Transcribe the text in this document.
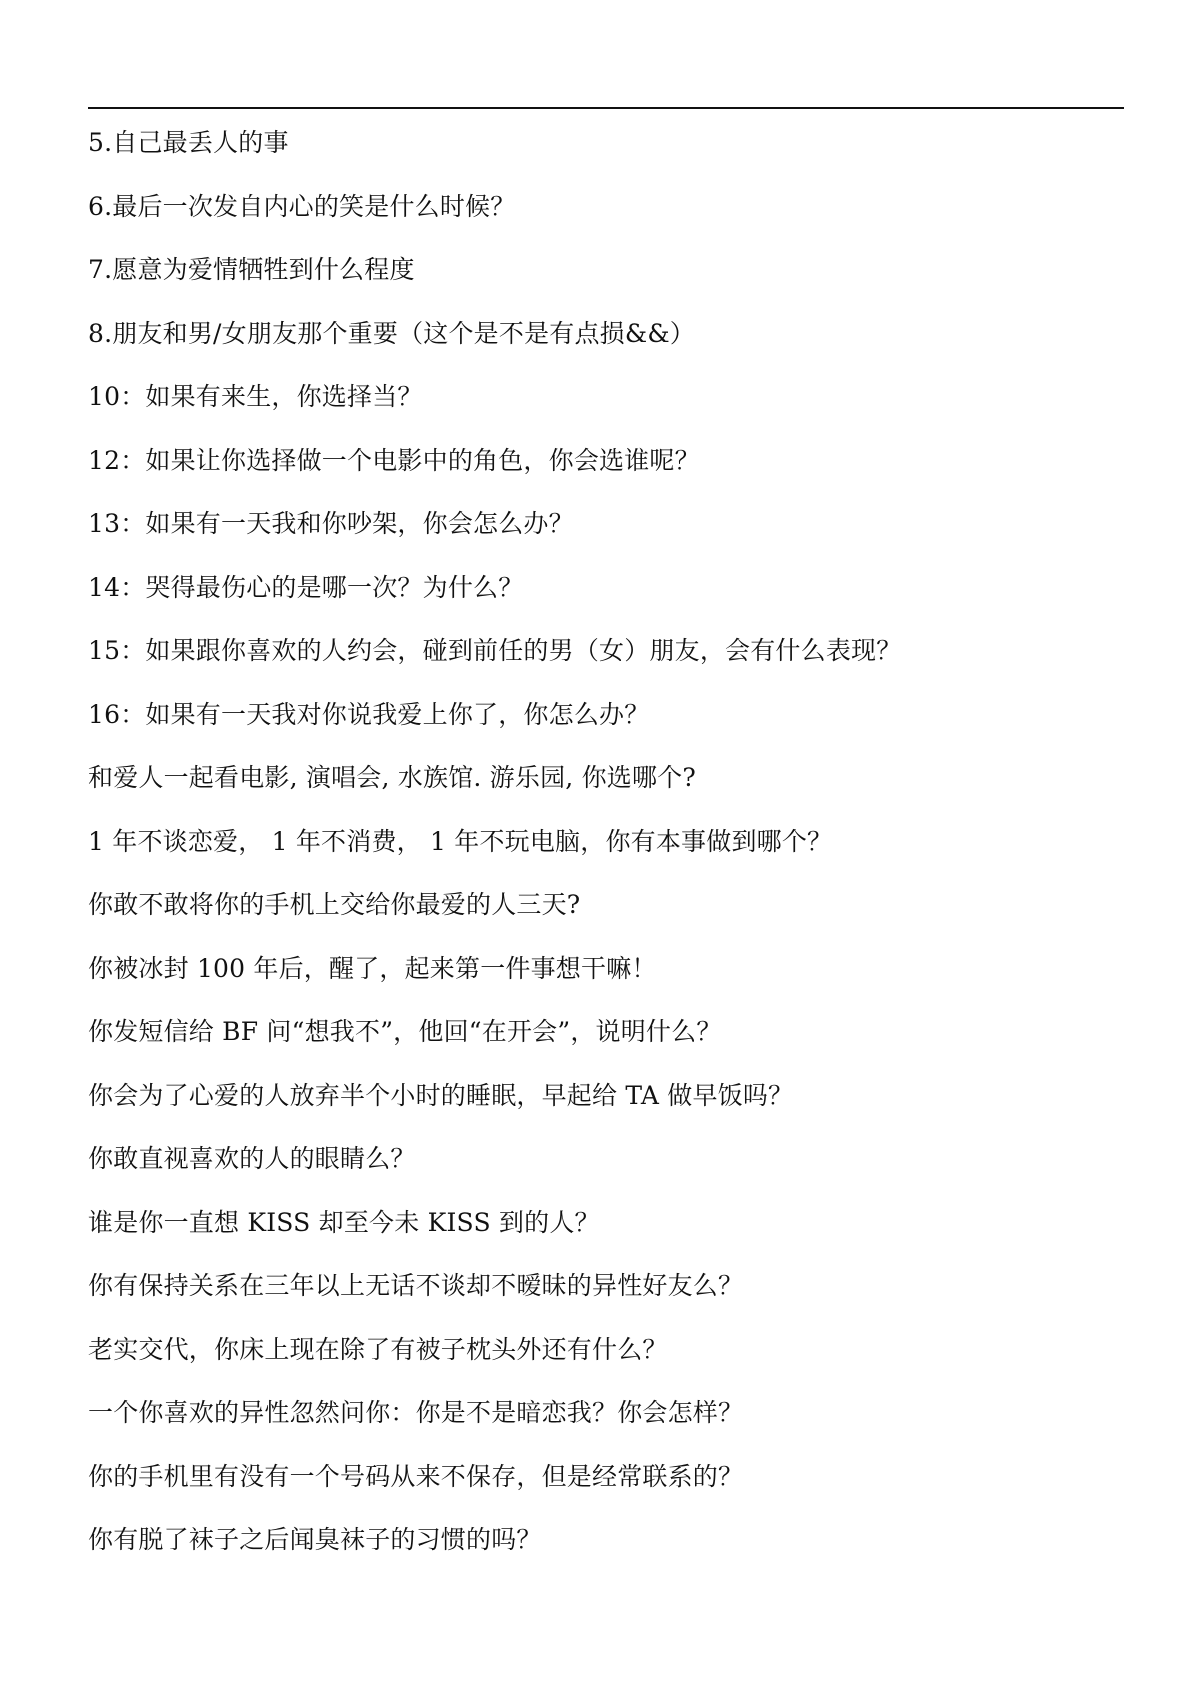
5.自己最丢人的事
6.最后一次发自内心的笑是什么时候？
7.愿意为爱情牺牲到什么程度
8.朋友和男/女朋友那个重要（这个是不是有点损&&）
10：如果有来生，你选择当？
12：如果让你选择做一个电影中的角色，你会选谁呢？
13：如果有一天我和你吵架，你会怎么办？
14：哭得最伤心的是哪一次？为什么？
15：如果跟你喜欢的人约会，碰到前任的男（女）朋友，会有什么表现？
16：如果有一天我对你说我爱上你了，你怎么办？
和爱人一起看电影, 演唱会, 水族馆. 游乐园, 你选哪个?
1 年不谈恋爱， 1 年不消费， 1 年不玩电脑，你有本事做到哪个？
你敢不敢将你的手机上交给你最爱的人三天?
你被冰封 100 年后，醒了，起来第一件事想干嘛！
你发短信给 BF 问“想我不”，他回“在开会”，说明什么？
你会为了心爱的人放弃半个小时的睡眠，早起给 TA 做早饭吗？
你敢直视喜欢的人的眼睛么？
谁是你一直想 KISS 却至今未 KISS 到的人？
你有保持关系在三年以上无话不谈却不暧昧的异性好友么？
老实交代，你床上现在除了有被子枕头外还有什么？
一个你喜欢的异性忽然问你：你是不是暗恋我？你会怎样？
你的手机里有没有一个号码从来不保存，但是经常联系的？
你有脱了袜子之后闻臭袜子的习惯的吗？
